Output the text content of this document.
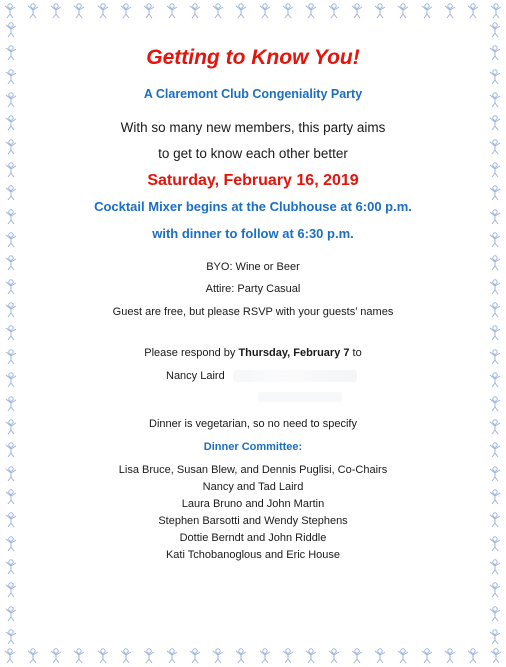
Getting to Know You!
A Claremont Club Congeniality Party
With so many new members, this party aims
to get to know each other better
Saturday, February 16, 2019
Cocktail Mixer begins at the Clubhouse at 6:00 p.m.
with dinner to follow at 6:30 p.m.
BYO: Wine or Beer
Attire: Party Casual
Guest are free, but please RSVP with your guests’ names
Please respond by Thursday, February 7 to
Nancy Laird
Dinner is vegetarian, so no need to specify
Dinner Committee:
Lisa Bruce, Susan Blew, and Dennis Puglisi, Co-Chairs
Nancy and Tad Laird
Laura Bruno and John Martin
Stephen Barsotti and Wendy Stephens
Dottie Berndt and John Riddle
Kati Tchobanoglous and Eric House
